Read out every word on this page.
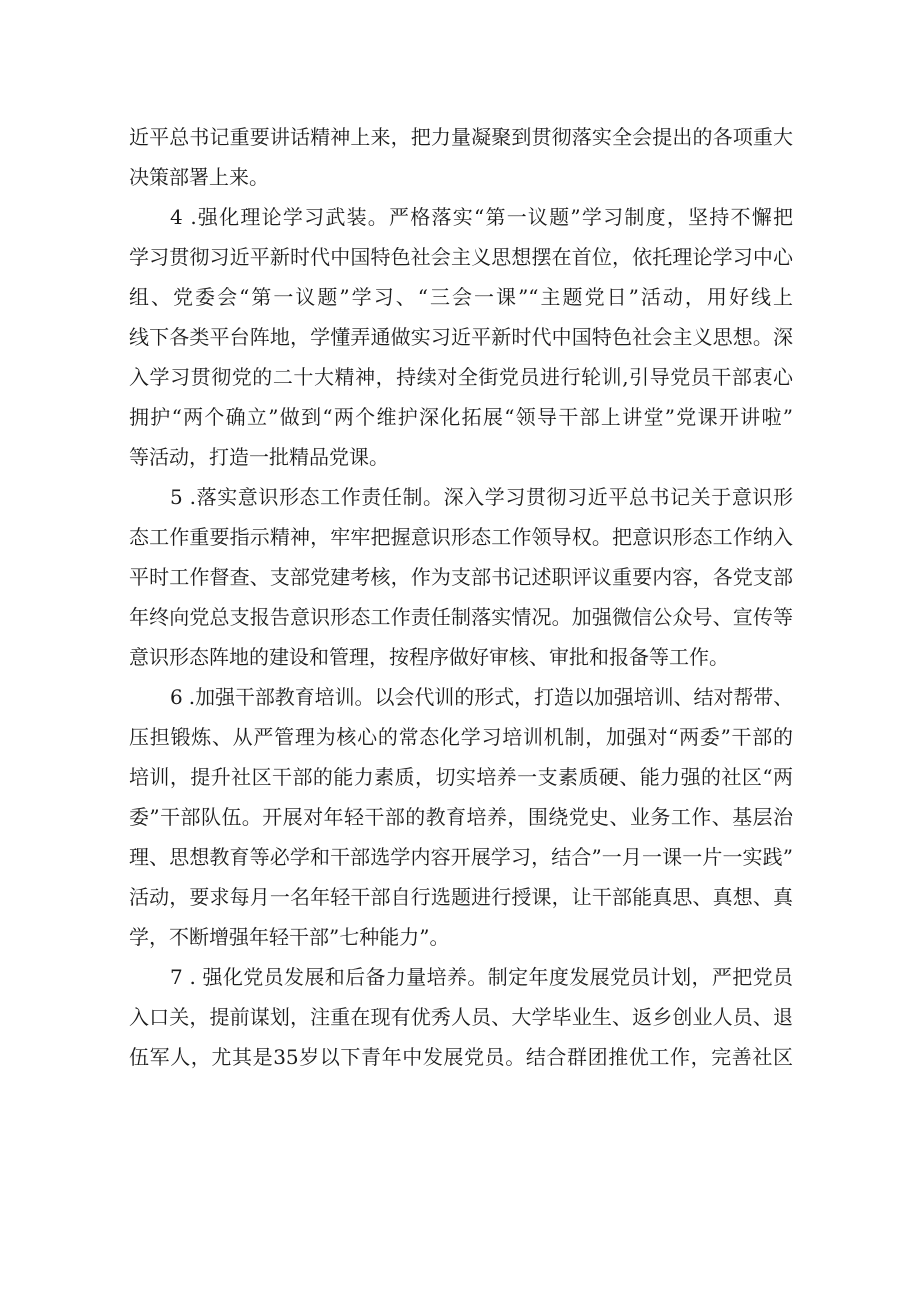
近平总书记重要讲话精神上来，把力量凝聚到贯彻落实全会提出的各项重大

决策部署上来。

4 .强化理论学习武装。严格落实“第一议题”学习制度，坚持不懈把

学习贯彻习近平新时代中国特色社会主义思想摆在首位，依托理论学习中心

组、党委会“第一议题”学习、“三会一课”“主题党日”活动，用好线上

线下各类平台阵地，学懂弄通做实习近平新时代中国特色社会主义思想。深

入学习贯彻党的二十大精神，持续对全街党员进行轮训,引导党员干部衷心

拥护“两个确立”做到“两个维护深化拓展“领导干部上讲堂”党课开讲啦”

等活动，打造一批精品党课。

5 .落实意识形态工作责任制。深入学习贯彻习近平总书记关于意识形

态工作重要指示精神，牢牢把握意识形态工作领导权。把意识形态工作纳入

平时工作督查、支部党建考核，作为支部书记述职评议重要内容，各党支部

年终向党总支报告意识形态工作责任制落实情况。加强微信公众号、宣传等

意识形态阵地的建设和管理，按程序做好审核、审批和报备等工作。

6 .加强干部教育培训。以会代训的形式，打造以加强培训、结对帮带、

压担锻炼、从严管理为核心的常态化学习培训机制，加强对“两委”干部的

培训，提升社区干部的能力素质，切实培养一支素质硬、能力强的社区“两

委”干部队伍。开展对年轻干部的教育培养，围绕党史、业务工作、基层治

理、思想教育等必学和干部选学内容开展学习，结合”一月一课一片一实践”

活动，要求每月一名年轻干部自行选题进行授课，让干部能真思、真想、真

学，不断增强年轻干部”七种能力”。

7 . 强化党员发展和后备力量培养。制定年度发展党员计划，严把党员

入口关，提前谋划，注重在现有优秀人员、大学毕业生、返乡创业人员、退

伍军人，尤其是35岁以下青年中发展党员。结合群团推优工作，完善社区
